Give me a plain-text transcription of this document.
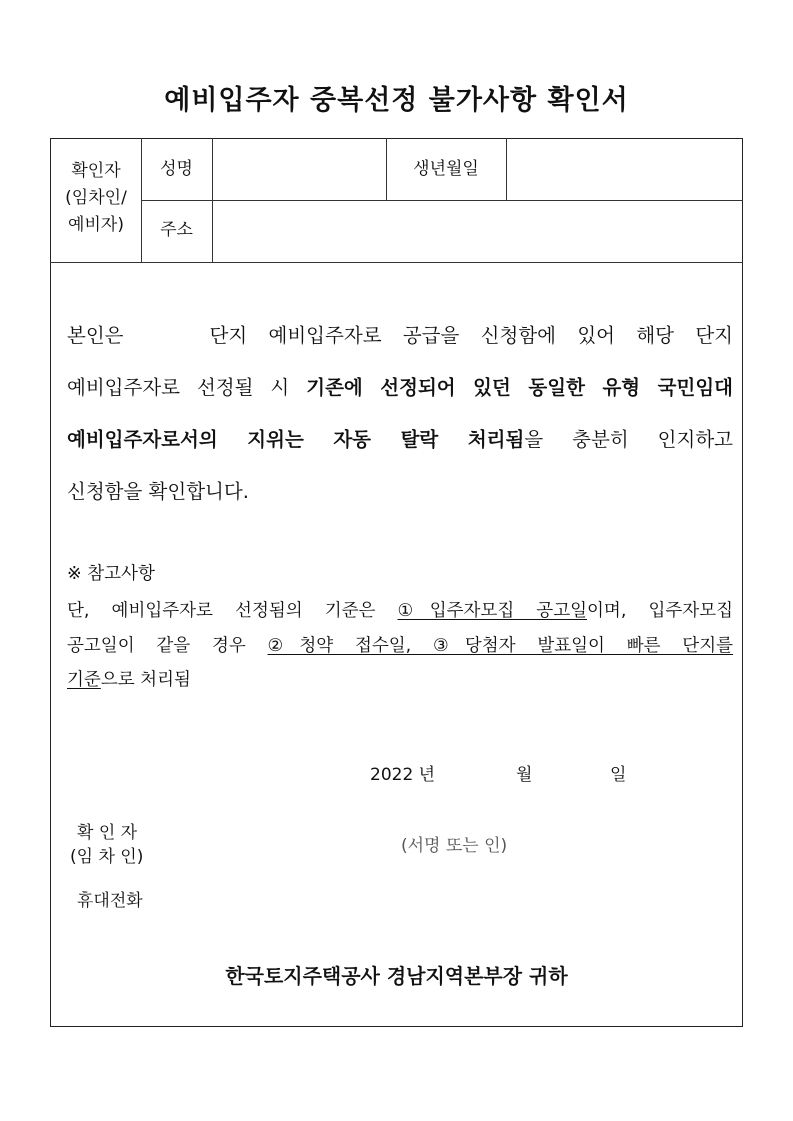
예비입주자 중복선정 불가사항 확인서
확인자
(임차인/
예비자)
성명	생년월일
주소
본인은	단지 예비입주자로 공급을 신청함에 있어 해당 단지
예비입주자로 선정될 시 기존에 선정되어 있던 동일한 유형 국민임대
예비입주자로서의 지위는 자동 탈락 처리됨을 충분히 인지하고
신청함을 확인합니다.
※ 참고사항
단, 예비입주자로 선정됨의 기준은 ①입주자모집 공고일이며, 입주자모집
공고일이 같을 경우 ②청약 접수일, ③당첨자 발표일이 빠른 단지를
기준으로 처리됨
2022 년	월	일
확 인 자
(임 차 인)
(서명 또는 인)
휴대전화
한국토지주택공사 경남지역본부장 귀하
